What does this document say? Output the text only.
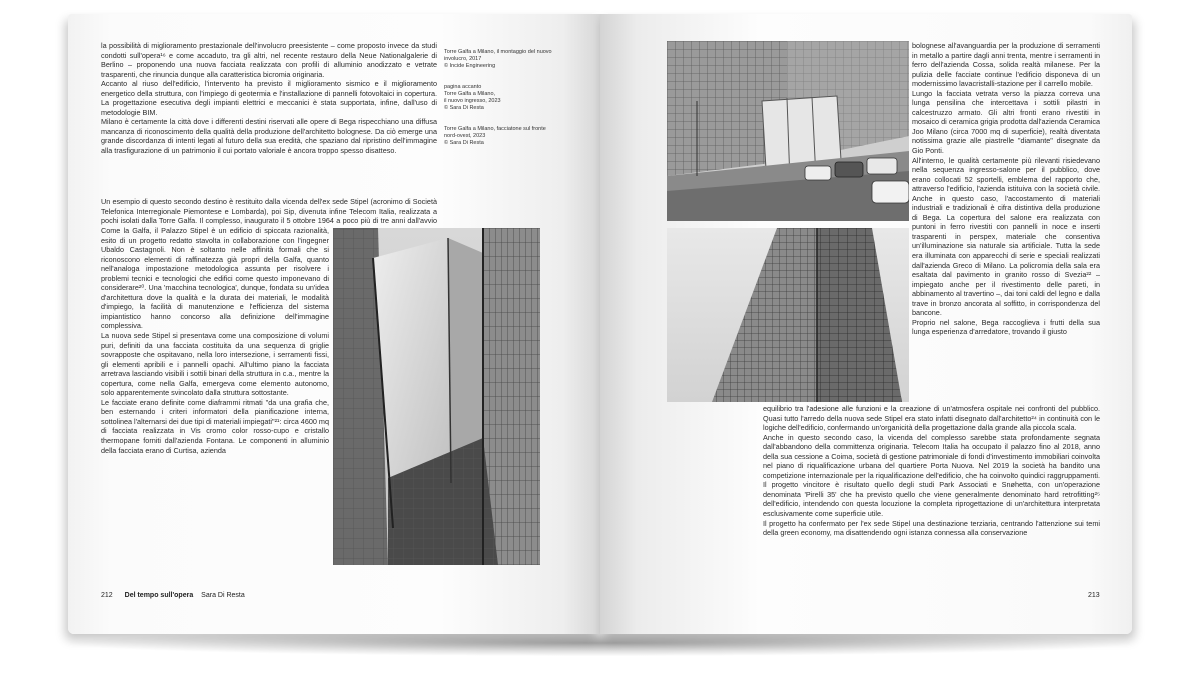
la possibilità di miglioramento prestazionale dell'involucro preesistente – come proposto invece da studi condotti sull'opera¹⁶ e come accaduto, tra gli altri, nel recente restauro della Neue Nationalgalerie di Berlino – proponendo una nuova facciata realizzata con profili di alluminio anodizzato e vetrate trasparenti, che rinuncia dunque alla caratteristica bicromia originaria.

Accanto al riuso dell'edificio, l'intervento ha previsto il miglioramento sismico e il miglioramento energetico della struttura, con l'impiego di geotermia e l'installazione di pannelli fotovoltaici in copertura. La progettazione esecutiva degli impianti elettrici e meccanici è stata supportata, infine, dall'uso di metodologie BIM.

Milano è certamente la città dove i differenti destini riservati alle opere di Bega rispecchiano una diffusa mancanza di riconoscimento della qualità della produzione dell'architetto bolognese. Da ciò emerge una grande discordanza di intenti legati al futuro della sua eredità, che spaziano dal ripristino dell'immagine alla trasfigurazione di un patrimonio il cui portato valoriale è ancora troppo spesso disatteso.

Un esempio di questo secondo destino è restituito dalla vicenda dell'ex sede Stipel (acronimo di Società Telefonica Interregionale Piemontese e Lombarda), poi Sip, divenuta infine Telecom Italia, realizzata a pochi isolati dalla Torre Galfa. Il complesso, inaugurato il 5 ottobre 1964 a poco più di tre anni dall'avvio

Come la Galfa, il Palazzo Stipel è un edificio di spiccata razionalità, esito di un progetto redatto stavolta in collaborazione con l'ingegner Ubaldo Castagnoli. Non è soltanto nelle affinità formali che si riconoscono elementi di raffinatezza già propri della Galfa, quanto nell'analoga impostazione metodologica assunta per risolvere i problemi tecnici e tecnologici che edifici come questo imponevano di considerare²⁰. Una 'macchina tecnologica', dunque, fondata su un'idea d'architettura dove la qualità e la durata dei materiali, le modalità d'impiego, la facilità di manutenzione e l'efficienza del sistema impiantistico hanno concorso alla definizione dell'immagine complessiva.

La nuova sede Stipel si presentava come una composizione di volumi puri, definiti da una facciata costituita da una sequenza di griglie sovrapposte che ospitavano, nella loro intersezione, i serramenti fissi, gli elementi apribili e i pannelli opachi. All'ultimo piano la facciata arretrava lasciando visibili i sottili binari della struttura in c.a., mentre la copertura, come nella Galfa, emergeva come elemento autonomo, solo apparentemente svincolato dalla struttura sottostante.

Le facciate erano definite come diaframmi ritmati "da una grafia che, ben esternando i criteri informatori della pianificazione interna, sottolinea l'alternarsi dei due tipi di materiali impiegati"²¹: circa 4600 mq di facciata realizzata in Vis cromo color rosso-cupo e cristallo thermopane forniti dall'azienda Fontana. Le componenti in alluminio della facciata erano di Curtisa, azienda

Torre Galfa a Milano, il montaggio del nuovo involucro, 2017
© Incide Engineering

pagina accanto
Torre Galfa a Milano,
il nuovo ingresso, 2023
© Sara Di Resta

Torre Galfa a Milano, facciatone sul fronte nord-ovest, 2023
© Sara Di Resta

212 Del tempo sull'opera Sara Di Resta

bolognese all'avanguardia per la produzione di serramenti in metallo a partire dagli anni trenta, mentre i serramenti in ferro dell'azienda Cossa, solida realtà milanese. Per la pulizia delle facciate continue l'edificio disponeva di un modernissimo lavacristalli-stazione per il carrello mobile.

Lungo la facciata vetrata verso la piazza correva una lunga pensilina che intercettava i sottili pilastri in calcestruzzo armato. Gli altri fronti erano rivestiti in mosaico di ceramica grigia prodotta dall'azienda Ceramica Joo Milano (circa 7000 mq di superficie), realtà diventata notissima grazie alle piastrelle "diamante" disegnate da Gio Ponti.

All'interno, le qualità certamente più rilevanti risiedevano nella sequenza ingresso-salone per il pubblico, dove erano collocati 52 sportelli, emblema del rapporto che, attraverso l'edificio, l'azienda istituiva con la società civile. Anche in questo caso, l'accostamento di materiali industriali e tradizionali è cifra distintiva della produzione di Bega. La copertura del salone era realizzata con puntoni in ferro rivestiti con pannelli in noce e inserti trasparenti in perspex, materiale che consentiva un'illuminazione sia naturale sia artificiale. Tutta la sede era illuminata con apparecchi di serie e speciali realizzati dall'azienda Greco di Milano. La policromia della sala era esaltata dal pavimento in granito rosso di Svezia²² – impiegato anche per il rivestimento delle pareti, in abbinamento al travertino –, dai toni caldi del legno e dalla trave in bronzo ancorata al soffitto, in corrispondenza del bancone.

Proprio nel salone, Bega raccoglieva i frutti della sua lunga esperienza d'arredatore, trovando il giusto

equilibrio tra l'adesione alle funzioni e la creazione di un'atmosfera ospitale nei confronti del pubblico. Quasi tutto l'arredo della nuova sede Stipel era stato infatti disegnato dall'architetto²⁴ in continuità con le logiche dell'edificio, confermando un'organicità della progettazione dalla grande alla piccola scala.

Anche in questo secondo caso, la vicenda del complesso sarebbe stata profondamente segnata dall'abbandono della committenza originaria. Telecom Italia ha occupato il palazzo fino al 2018, anno della sua cessione a Coima, società di gestione patrimoniale di fondi d'investimento immobiliari coinvolta nel piano di riqualificazione urbana del quartiere Porta Nuova. Nel 2019 la società ha bandito una competizione internazionale per la riqualificazione dell'edificio, che ha coinvolto quindici raggruppamenti. Il progetto vincitore è risultato quello degli studi Park Associati e Snøhetta, con un'operazione denominata 'Pirelli 35' che ha previsto quello che viene generalmente denominato hard retrofitting²⁵ dell'edificio, intendendo con questa locuzione la completa riprogettazione di un'architettura interpretata esclusivamente come superficie utile.

Il progetto ha confermato per l'ex sede Stipel una destinazione terziaria, centrando l'attenzione sui temi della green economy, ma disattendendo ogni istanza connessa alla conservazione

213
